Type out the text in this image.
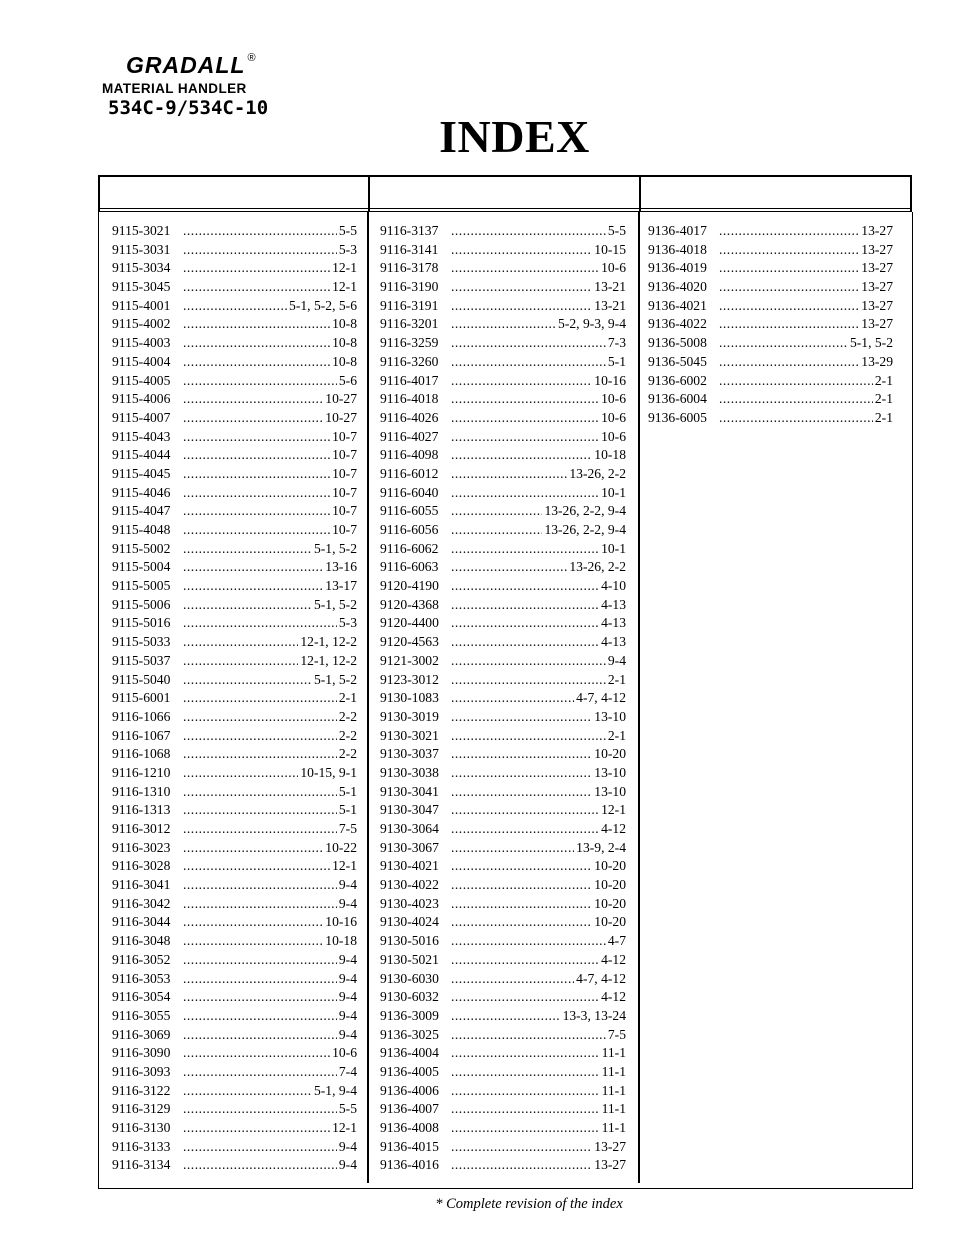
GRADALL ®
MATERIAL HANDLER
534C-9/534C-10
INDEX
9115-3021 .....	5-5
9115-3031 .....	5-3
9115-3034 .....	12-1
9115-3045 .....	12-1
9115-4001 .....	5-1, 5-2, 5-6
9115-4002 .....	10-8
9115-4003 .....	10-8
9115-4004 .....	10-8
9115-4005 .....	5-6
9115-4006 .....	10-27
9115-4007 .....	10-27
9115-4043 .....	10-7
9115-4044 .....	10-7
9115-4045 .....	10-7
9115-4046 .....	10-7
9115-4047 .....	10-7
9115-4048 .....	10-7
9115-5002 .....	5-1, 5-2
9115-5004 .....	13-16
9115-5005 .....	13-17
9115-5006 .....	5-1, 5-2
9115-5016 .....	5-3
9115-5033 .....	12-1, 12-2
9115-5037 .....	12-1, 12-2
9115-5040 .....	5-1, 5-2
9115-6001 .....	2-1
9116-1066 .....	2-2
9116-1067 .....	2-2
9116-1068 .....	2-2
9116-1210 .....	10-15, 9-1
9116-1310 .....	5-1
9116-1313 .....	5-1
9116-3012 .....	7-5
9116-3023 .....	10-22
9116-3028 .....	12-1
9116-3041 .....	9-4
9116-3042 .....	9-4
9116-3044 .....	10-16
9116-3048 .....	10-18
9116-3052 .....	9-4
9116-3053 .....	9-4
9116-3054 .....	9-4
9116-3055 .....	9-4
9116-3069 .....	9-4
9116-3090 .....	10-6
9116-3093 .....	7-4
9116-3122 .....	5-1, 9-4
9116-3129 .....	5-5
9116-3130 .....	12-1
9116-3133 .....	9-4
9116-3134 .....	9-4
9116-3137 .....	5-5
9116-3141 .....	10-15
9116-3178 .....	10-6
9116-3190 .....	13-21
9116-3191 .....	13-21
9116-3201 .....	5-2, 9-3, 9-4
9116-3259 .....	7-3
9116-3260 .....	5-1
9116-4017 .....	10-16
9116-4018 .....	10-6
9116-4026 .....	10-6
9116-4027 .....	10-6
9116-4098 .....	10-18
9116-6012 .....	13-26, 2-2
9116-6040 .....	10-1
9116-6055 .....	13-26, 2-2, 9-4
9116-6056 .....	13-26, 2-2, 9-4
9116-6062 .....	10-1
9116-6063 .....	13-26, 2-2
9120-4190 .....	4-10
9120-4368 .....	4-13
9120-4400 .....	4-13
9120-4563 .....	4-13
9121-3002 .....	9-4
9123-3012 .....	2-1
9130-1083 .....	4-7, 4-12
9130-3019 .....	13-10
9130-3021 .....	2-1
9130-3037 .....	10-20
9130-3038 .....	13-10
9130-3041 .....	13-10
9130-3047 .....	12-1
9130-3064 .....	4-12
9130-3067 .....	13-9, 2-4
9130-4021 .....	10-20
9130-4022 .....	10-20
9130-4023 .....	10-20
9130-4024 .....	10-20
9130-5016 .....	4-7
9130-5021 .....	4-12
9130-6030 .....	4-7, 4-12
9130-6032 .....	4-12
9136-3009 .....	13-3, 13-24
9136-3025 .....	7-5
9136-4004 .....	11-1
9136-4005 .....	11-1
9136-4006 .....	11-1
9136-4007 .....	11-1
9136-4008 .....	11-1
9136-4015 .....	13-27
9136-4016 .....	13-27
9136-4017 .....	13-27
9136-4018 .....	13-27
9136-4019 .....	13-27
9136-4020 .....	13-27
9136-4021 .....	13-27
9136-4022 .....	13-27
9136-5008 .....	5-1, 5-2
9136-5045 .....	13-29
9136-6002 .....	2-1
9136-6004 .....	2-1
9136-6005 .....	2-1
* Complete revision of the index
